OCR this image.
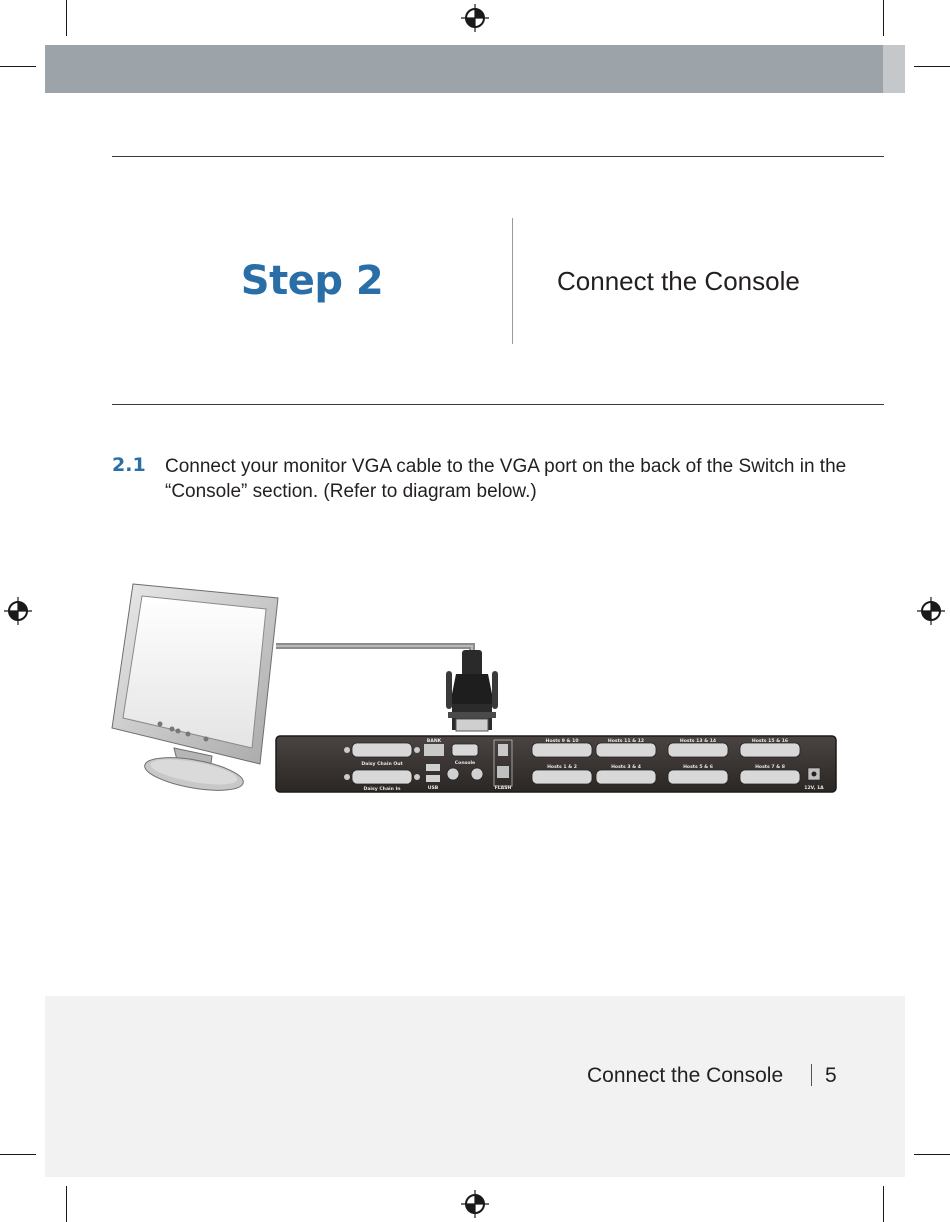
Step 2	Connect the Console
2.1 Connect your monitor VGA cable to the VGA port on the back of the Switch in the “Console” section. (Refer to diagram below.)
Daisy Chain Out
Daisy Chain In
BANK
Console
USB	FLASH
Hosts 9 & 10	Hosts 11 & 12	Hosts 13 & 14	Hosts 15 & 16
Hosts 1 & 2	Hosts 3 & 4	Hosts 5 & 6	Hosts 7 & 8
12V, 1A
Connect the Console 5
